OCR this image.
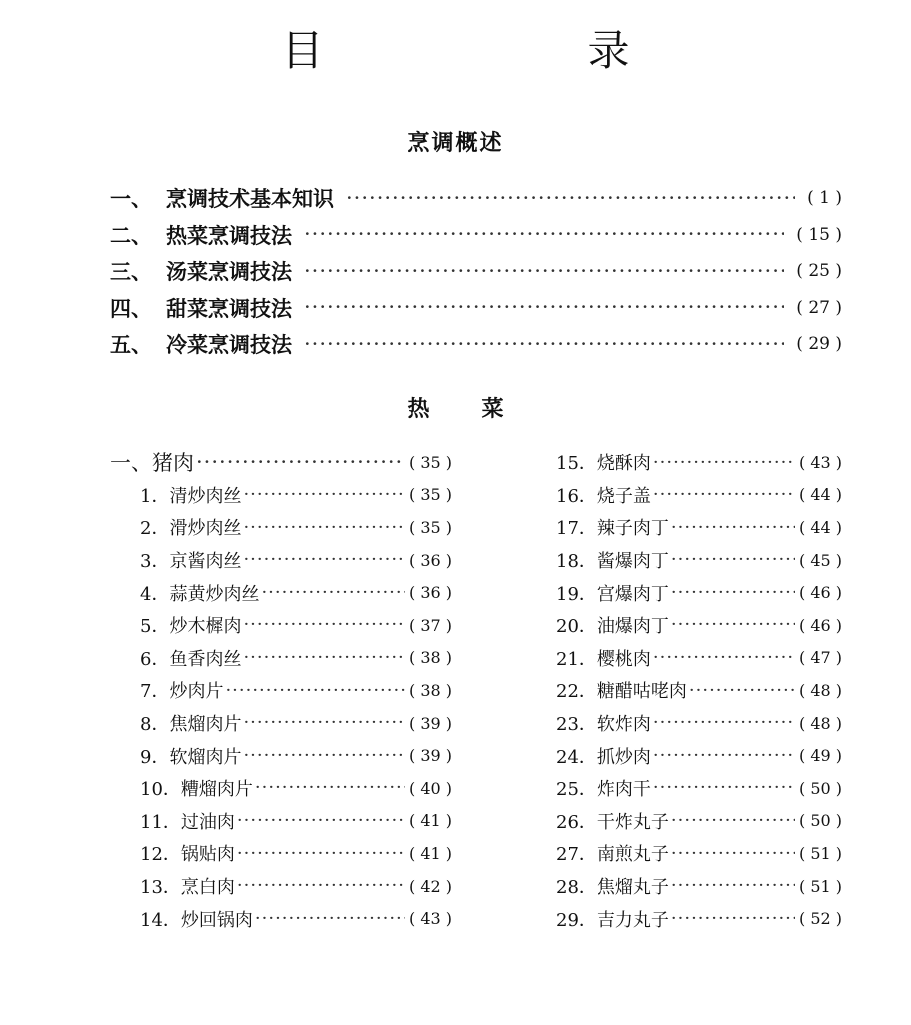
目　　录
烹调概述
一、 烹调技术基本知识 ·····	( 1 )
二、 热菜烹调技法 ·····	( 15 )
三、 汤菜烹调技法 ·····	( 25 )
四、 甜菜烹调技法 ·····	( 27 )
五、 冷菜烹调技法 ·····	( 29 )
热菜
一、 猪肉 ·····	( 35 )
1． 清炒肉丝 ·····	( 35 )
2． 滑炒肉丝 ·····	( 35 )
3． 京酱肉丝 ·····	( 36 )
4． 蒜黄炒肉丝 ·····	( 36 )
5． 炒木樨肉 ·····	( 37 )
6． 鱼香肉丝 ·····	( 38 )
7． 炒肉片 ·····	( 38 )
8． 焦熘肉片 ·····	( 39 )
9． 软熘肉片 ·····	( 39 )
10． 糟熘肉片 ·····	( 40 )
11． 过油肉 ·····	( 41 )
12． 锅贴肉 ·····	( 41 )
13． 烹白肉 ·····	( 42 )
14． 炒回锅肉 ·····	( 43 )
15． 烧酥肉 ·····	( 43 )
16． 烧子盖 ·····	( 44 )
17． 辣子肉丁 ·····	( 44 )
18． 酱爆肉丁 ·····	( 45 )
19． 宫爆肉丁 ·····	( 46 )
20． 油爆肉丁 ·····	( 46 )
21． 樱桃肉 ·····	( 47 )
22． 糖醋咕咾肉 ·····	( 48 )
23． 软炸肉 ·····	( 48 )
24． 抓炒肉 ·····	( 49 )
25． 炸肉干 ·····	( 50 )
26． 干炸丸子 ·····	( 50 )
27． 南煎丸子 ·····	( 51 )
28． 焦熘丸子 ·····	( 51 )
29． 吉力丸子 ·····	( 52 )
